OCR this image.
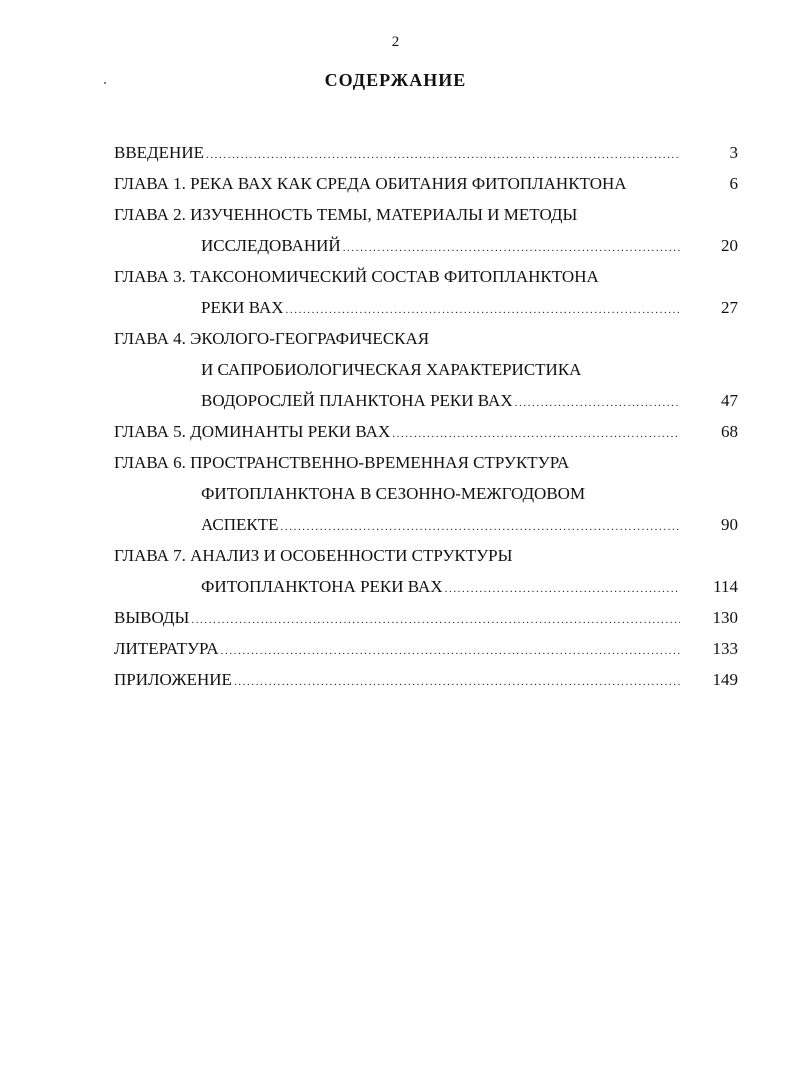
2
СОДЕРЖАНИЕ
ВВЕДЕНИЕ .....	3
ГЛАВА 1. РЕКА ВАХ КАК СРЕДА ОБИТАНИЯ ФИТОПЛАНКТОНА	6
ГЛАВА 2. ИЗУЧЕННОСТЬ ТЕМЫ, МАТЕРИАЛЫ И МЕТОДЫ
ИССЛЕДОВАНИЙ .....	20
ГЛАВА 3. ТАКСОНОМИЧЕСКИЙ СОСТАВ ФИТОПЛАНКТОНА
РЕКИ ВАХ .....	27
ГЛАВА 4. ЭКОЛОГО-ГЕОГРАФИЧЕСКАЯ
И САПРОБИОЛОГИЧЕСКАЯ ХАРАКТЕРИСТИКА
ВОДОРОСЛЕЙ ПЛАНКТОНА РЕКИ ВАХ .....	47
ГЛАВА 5. ДОМИНАНТЫ РЕКИ ВАХ .....	68
ГЛАВА 6. ПРОСТРАНСТВЕННО-ВРЕМЕННАЯ СТРУКТУРА
ФИТОПЛАНКТОНА В СЕЗОННО-МЕЖГОДОВОМ
АСПЕКТЕ .....	90
ГЛАВА 7. АНАЛИЗ И ОСОБЕННОСТИ СТРУКТУРЫ
ФИТОПЛАНКТОНА РЕКИ ВАХ .....	114
ВЫВОДЫ .....	130
ЛИТЕРАТУРА .....	133
ПРИЛОЖЕНИЕ .....	149
